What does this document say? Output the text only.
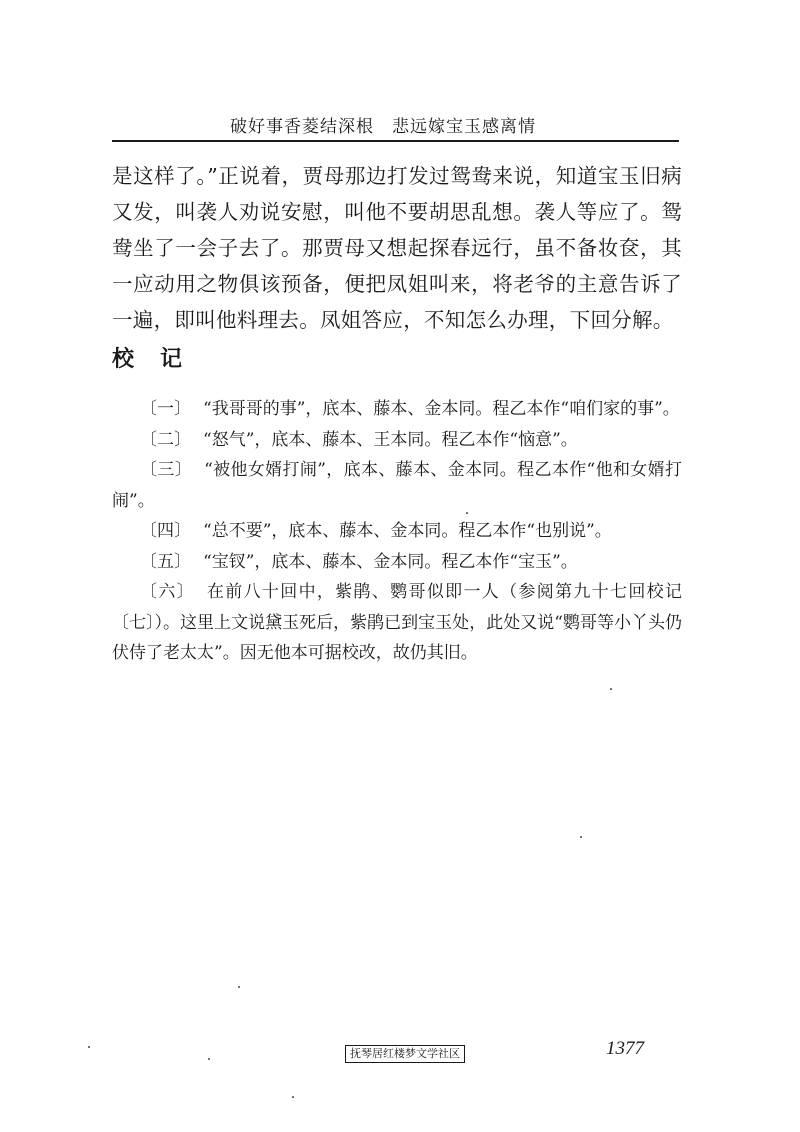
破好事香菱结深根 悲远嫁宝玉感离情
是这样了。”正说着，贾母那边打发过鸳鸯来说，知道宝玉旧病又发，叫袭人劝说安慰，叫他不要胡思乱想。袭人等应了。鸳鸯坐了一会子去了。那贾母又想起探春远行，虽不备妆奁，其一应动用之物俱该预备，便把凤姐叫来，将老爷的主意告诉了一遍，即叫他料理去。凤姐答应，不知怎么办理，下回分解。
校记

〔一〕 “我哥哥的事”，底本、藤本、金本同。程乙本作“咱们家的事”。

〔二〕 “怒气”，底本、藤本、王本同。程乙本作“恼意”。

〔三〕 “被他女婿打闹”，底本、藤本、金本同。程乙本作“他和女婿打闹”。

〔四〕 “总不要”，底本、藤本、金本同。程乙本作“也别说”。

〔五〕 “宝钗”，底本、藤本、金本同。程乙本作“宝玉”。

〔六〕 在前八十回中，紫鹃、鹦哥似即一人（参阅第九十七回校记〔七〕）。这里上文说黛玉死后，紫鹃已到宝玉处，此处又说“鹦哥等小丫头仍伏侍了老太太”。因无他本可据校改，故仍其旧。

抚琴居红楼梦文学社区	1377
